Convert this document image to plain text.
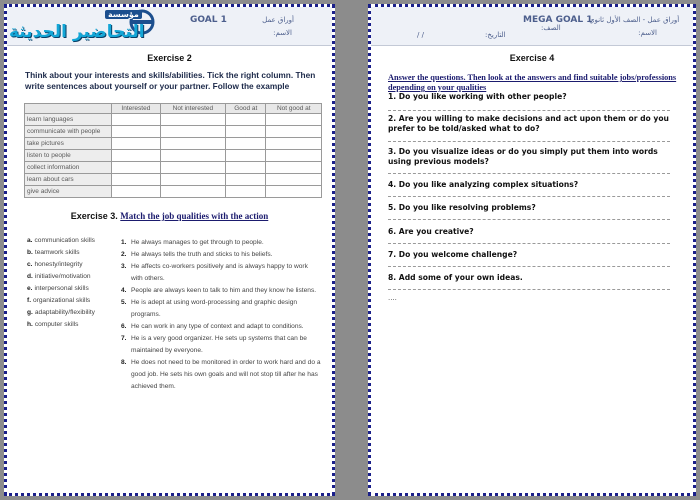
مؤسسة
التحاضير الحديثة
GOAL 1	أوراق عمل
الاسم:
Exercise 2
Think about your interests and skills/abilities. Tick the right column. Then write sentences about yourself or your partner. Follow the example
	Interested	Not interested	Good at	Not good at
learn languages				
communicate with people				
take pictures				
listen to people				
collect information				
learn about cars				
give advice				
Exercise 3. Match the job qualities with the action
a. communication skills
b. teamwork skills
c. honesty/integrity
d. initiative/motivation
e. interpersonal skills
f. organizational skills
g. adaptability/flexibility
h. computer skills
1. He always manages to get through to people.
2. He always tells the truth and sticks to his beliefs.
3. He affects co-workers positively and is always happy to work with others.
4. People are always keen to talk to him and they know he listens.
5. He is adept at using word-processing and graphic design programs.
6. He can work in any type of context and adapt to conditions.
7. He is a very good organizer. He sets up systems that can be maintained by everyone.
8. He does not need to be monitored in order to work hard and do a good job. He sets his own goals and will not stop till after he has achieved them.
MEGA GOAL 1
أوراق عمل - الصف الأول ثانوي
الاسم:
الصف:
التاريخ:
/ /
Exercise 4
Answer the questions. Then look at the answers and find suitable jobs/professions depending on your qualities
1. Do you like working with other people?
2. Are you willing to make decisions and act upon them or do you prefer to be told/asked what to do?
3. Do you visualize ideas or do you simply put them into words using previous models?
4. Do you like analyzing complex situations?
5. Do you like resolving problems?
6. Are you creative?
7. Do you welcome challenge?
8. Add some of your own ideas.
....
